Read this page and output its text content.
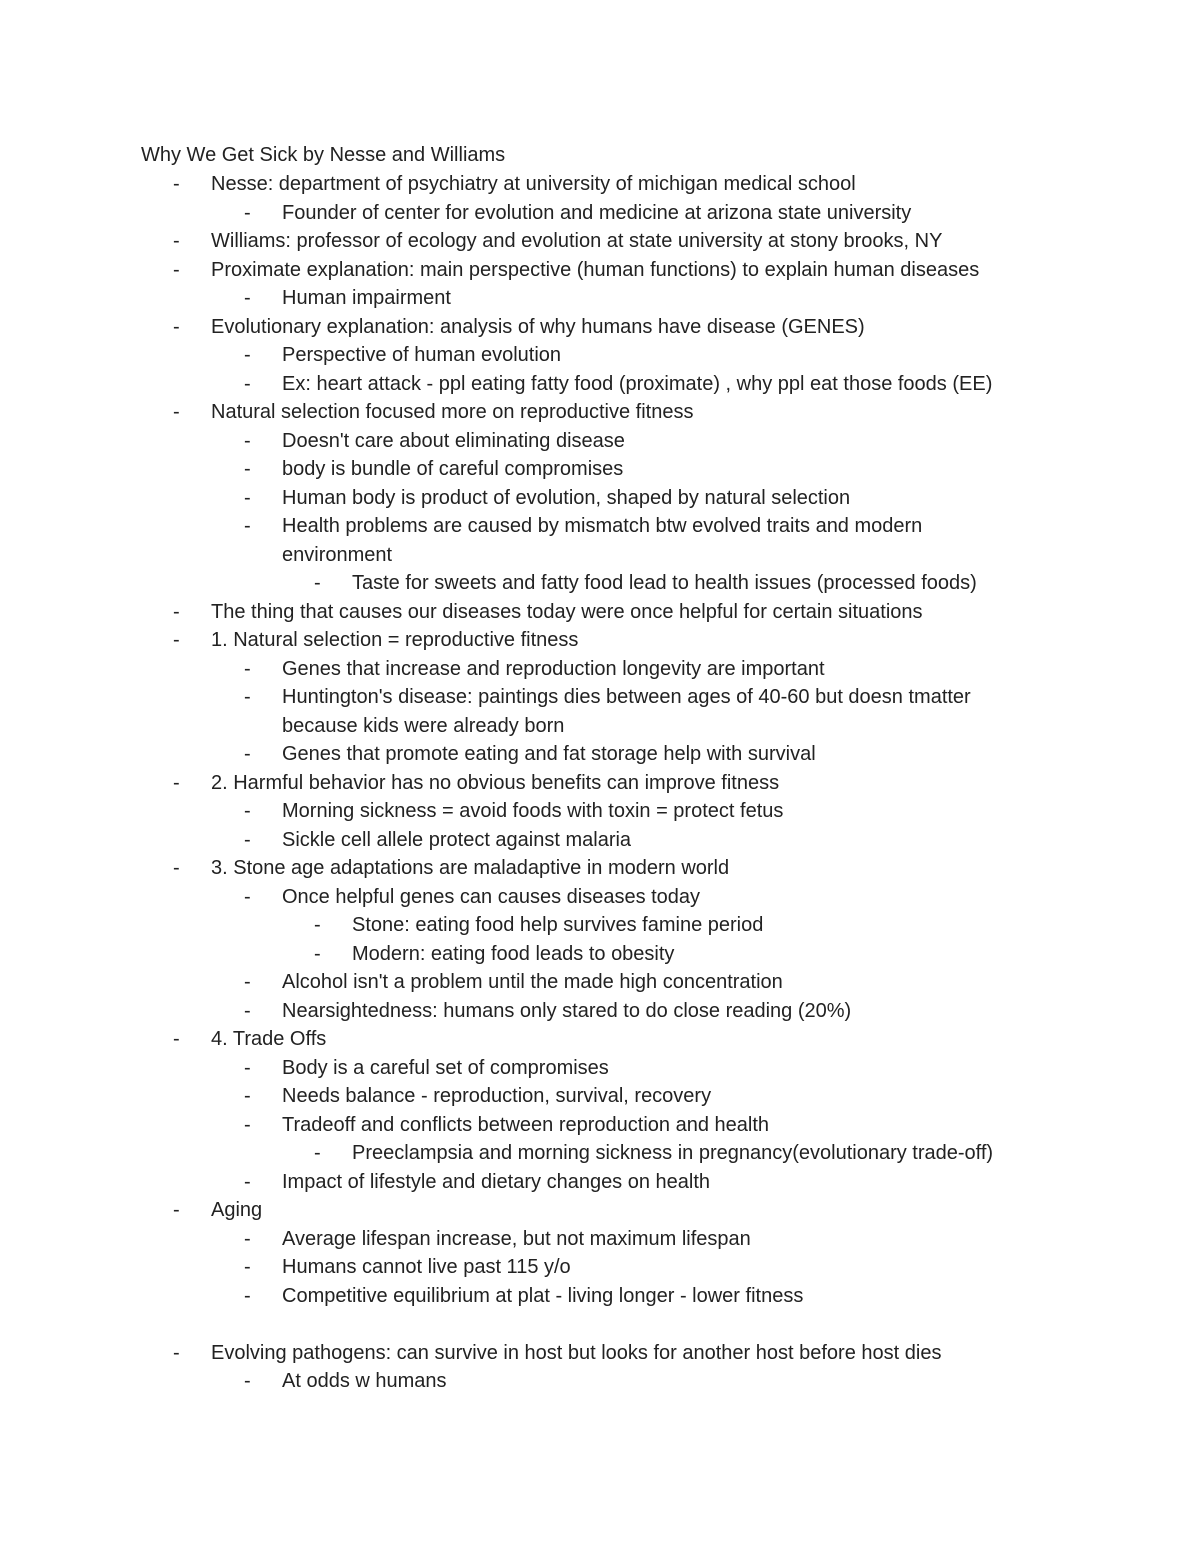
Why We Get Sick by Nesse and Williams
- Nesse: department of psychiatry at university of michigan medical school
- Founder of center for evolution and medicine at arizona state university
- Williams: professor of ecology and evolution at state university at stony brooks, NY
- Proximate explanation: main perspective (human functions) to explain human diseases
- Human impairment
- Evolutionary explanation: analysis of why humans have disease (GENES)
- Perspective of human evolution
- Ex: heart attack - ppl eating fatty food (proximate) , why ppl eat those foods (EE)
- Natural selection focused more on reproductive fitness
- Doesn't care about eliminating disease
- body is bundle of careful compromises
- Human body is product of evolution, shaped by natural selection
- Health problems are caused by mismatch btw evolved traits and modern environment
- Taste for sweets and fatty food lead to health issues (processed foods)
- The thing that causes our diseases today were once helpful for certain situations
- 1. Natural selection = reproductive fitness
- Genes that increase and reproduction longevity are important
- Huntington's disease: paintings dies between ages of 40-60 but doesn tmatter because kids were already born
- Genes that promote eating and fat storage help with survival
- 2. Harmful behavior has no obvious benefits can improve fitness
- Morning sickness = avoid foods with toxin = protect fetus
- Sickle cell allele protect against malaria
- 3. Stone age adaptations are maladaptive in modern world
- Once helpful genes can causes diseases today
- Stone: eating food help survives famine period
- Modern: eating food leads to obesity
- Alcohol isn't a problem until the made high concentration
- Nearsightedness: humans only stared to do close reading (20%)
- 4. Trade Offs
- Body is a careful set of compromises
- Needs balance - reproduction, survival, recovery
- Tradeoff and conflicts between reproduction and health
- Preeclampsia and morning sickness in pregnancy(evolutionary trade-off)
- Impact of lifestyle and dietary changes on health
- Aging
- Average lifespan increase, but not maximum lifespan
- Humans cannot live past 115 y/o
- Competitive equilibrium at plat - living longer - lower fitness
- Evolving pathogens: can survive in host but looks for another host before host dies
- At odds w humans
